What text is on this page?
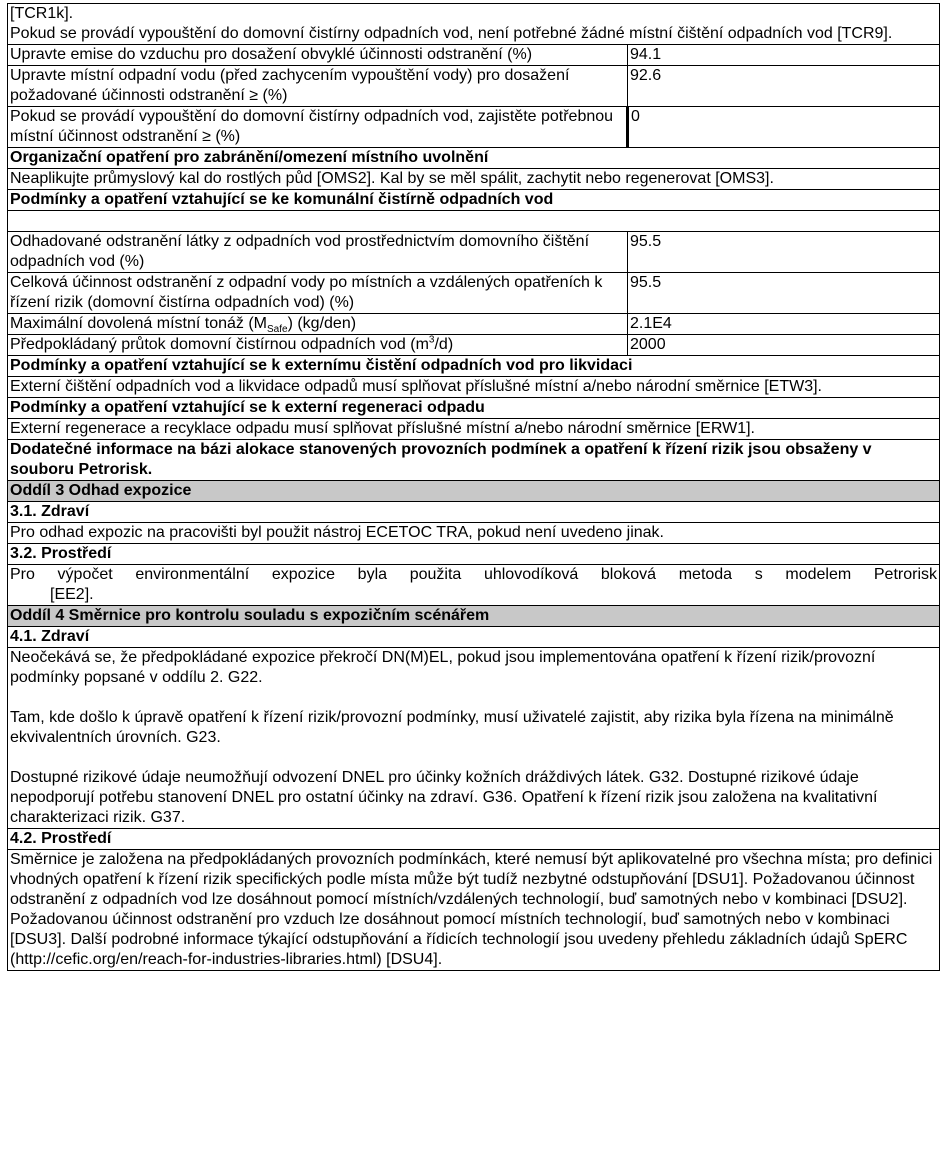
[TCR1k].
Pokud se provádí vypouštění do domovní čistírny odpadních vod, není potřebné žádné místní čištění odpadních vod [TCR9].	

Upravte emise do vzduchu pro dosažení obvyklé účinnosti odstranění (%)	94.1
Upravte místní odpadní vodu (před zachycením vypouštění vody) pro dosažení požadované účinnosti odstranění ≥ (%)	92.6
Pokud se provádí vypouštění do domovní čistírny odpadních vod, zajistěte potřebnou místní účinnost odstranění ≥ (%)	0
Organizační opatření pro zabránění/omezení místního uvolnění	
Neaplikujte průmyslový kal do rostlých půd [OMS2]. Kal by se měl spálit, zachytit nebo regenerovat [OMS3].	
Podmínky a opatření vztahující se ke komunální čistírně odpadních vod	

Odhadované odstranění látky z odpadních vod prostřednictvím domovního čištění odpadních vod (%)	95.5
Celková účinnost odstranění z odpadní vody po místních a vzdálených opatřeních k řízení rizik (domovní čistírna odpadních vod) (%)	95.5
Maximální dovolená místní tonáž $(M_{Safe})$ (kg/den)	2.1E4
Předpokládaný průtok domovní čistírnou odpadních vod $(m^3/d)$	2000
Podmínky a opatření vztahující se k externímu čistění odpadních vod pro likvidaci	
Externí čištění odpadních vod a likvidace odpadů musí splňovat příslušné místní a/nebo národní směrnice [ETW3].	
Podmínky a opatření vztahující se k externí regeneraci odpadu	
Externí regenerace a recyklace odpadu musí splňovat příslušné místní a/nebo národní směrnice [ERW1].	
Dodatečné informace na bázi alokace stanovených provozních podmínek a opatření k řízení rizik jsou obsaženy v souboru Petrorisk.	
Oddíl 3 Odhad expozice	
3.1. Zdraví	
Pro odhad expozic na pracovišti byl použit nástroj ECETOC TRA, pokud není uvedeno jinak.	
3.2. Prostředí	

Pro výpočet environmentální expozice byla použita uhlovodíková bloková metoda s modelem Petrorisk
[EE2].	

Oddíl 4 Směrnice pro kontrolu souladu s expozičním scénářem	
4.1. Zdraví	

Neočekává se, že předpokládané expozice překročí DN(M)EL, pokud jsou implementována opatření k řízení rizik/provozní podmínky popsané v oddílu 2. G22.

Tam, kde došlo k úpravě opatření k řízení rizik/provozní podmínky, musí uživatelé zajistit, aby rizika byla řízena na minimálně ekvivalentních úrovních. G23.

Dostupné rizikové údaje neumožňují odvození DNEL pro účinky kožních dráždivých látek. G32. Dostupné rizikové údaje nepodporují potřebu stanovení DNEL pro ostatní účinky na zdraví. G36. Opatření k řízení rizik jsou založena na kvalitativní charakterizaci rizik. G37.	

4.2. Prostředí	
Směrnice je založena na předpokládaných provozních podmínkách, které nemusí být aplikovatelné pro všechna místa; pro definici vhodných opatření k řízení rizik specifických podle místa může být tudíž nezbytné odstupňování [DSU1]. Požadovanou účinnost odstranění z odpadních vod lze dosáhnout pomocí místních/vzdálených technologií, buď samotných nebo v kombinaci [DSU2]. Požadovanou účinnost odstranění pro vzduch lze dosáhnout pomocí místních technologií, buď samotných nebo v kombinaci [DSU3]. Další podrobné informace týkající odstupňování a řídicích technologií jsou uvedeny přehledu základních údajů SpERC (http://cefic.org/en/reach-for-industries-libraries.html) [DSU4].	
